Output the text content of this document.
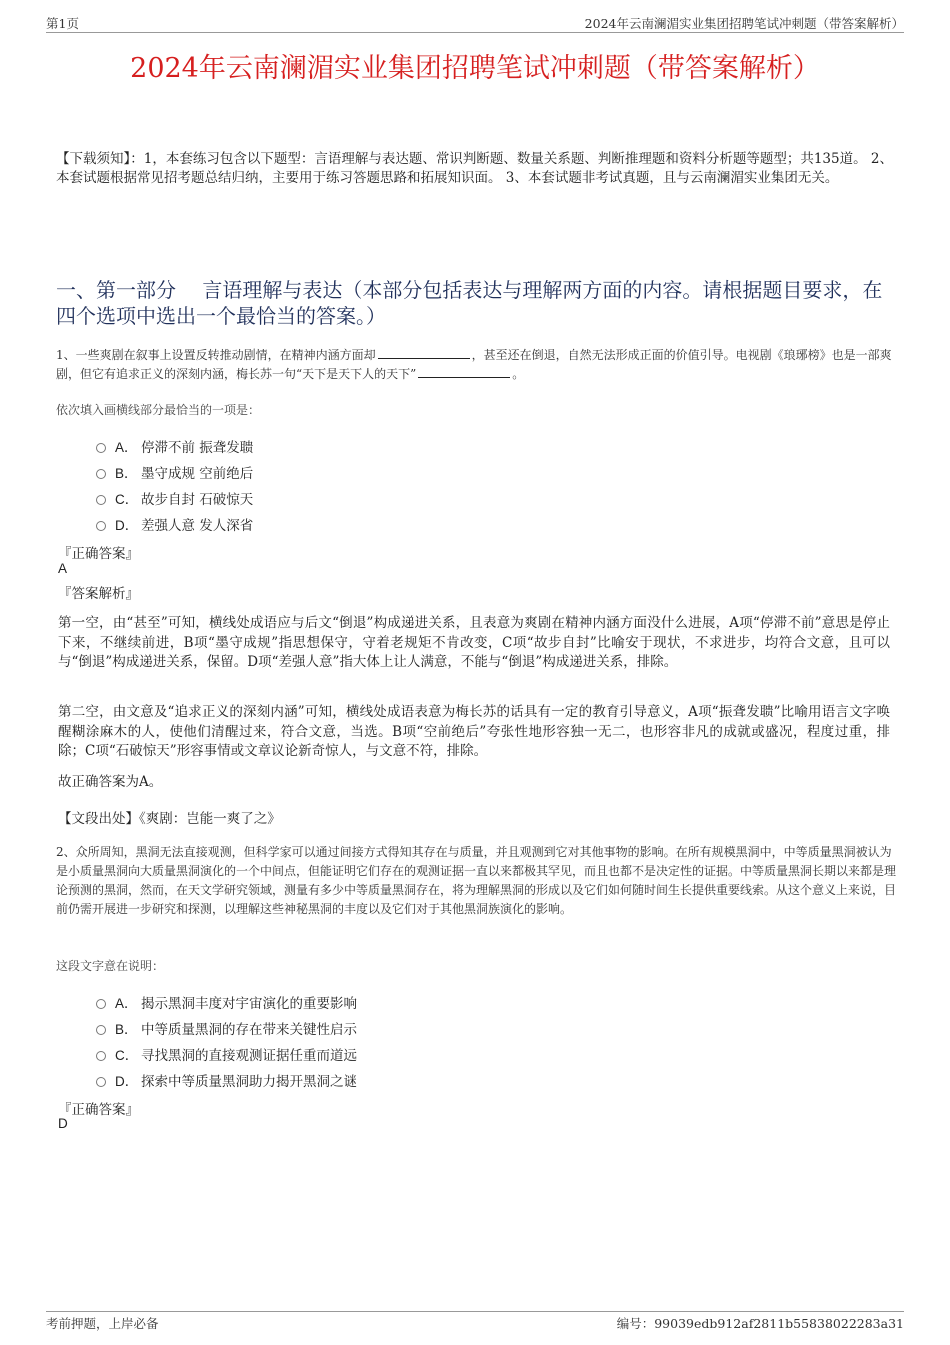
第1页	2024年云南澜湄实业集团招聘笔试冲刺题（带答案解析）
2024年云南澜湄实业集团招聘笔试冲刺题（带答案解析）
【下载须知】：1，本套练习包含以下题型：言语理解与表达题、常识判断题、数量关系题、判断推理题和资料分析题等题型；共135道。 2、本套试题根据常见招考题总结归纳，主要用于练习答题思路和拓展知识面。 3、本套试题非考试真题，且与云南澜湄实业集团无关。
一、第一部分　 言语理解与表达（本部分包括表达与理解两方面的内容。请根据题目要求，在四个选项中选出一个最恰当的答案。）
1、一些爽剧在叙事上设置反转推动剧情，在精神内涵方面却	，甚至还在倒退，自然无法形成正面的价值引导。电视剧《琅琊榜》也是一部爽剧，但它有追求正义的深刻内涵，梅长苏一句“天下是天下人的天下”	。
依次填入画横线部分最恰当的一项是：
A． 停滞不前 振聋发聩
B． 墨守成规 空前绝后
C． 故步自封 石破惊天
D． 差强人意 发人深省
『正确答案』
A
『答案解析』
第一空，由“甚至”可知，横线处成语应与后文“倒退”构成递进关系，且表意为爽剧在精神内涵方面没什么进展，A项“停滞不前”意思是停止下来，不继续前进，B项“墨守成规”指思想保守，守着老规矩不肯改变，C项“故步自封”比喻安于现状，不求进步，均符合文意，且可以与“倒退”构成递进关系，保留。D项“差强人意”指大体上让人满意，不能与“倒退”构成递进关系，排除。
第二空，由文意及“追求正义的深刻内涵”可知，横线处成语表意为梅长苏的话具有一定的教育引导意义，A项“振聋发聩”比喻用语言文字唤醒糊涂麻木的人，使他们清醒过来，符合文意，当选。B项“空前绝后”夸张性地形容独一无二，也形容非凡的成就或盛况，程度过重，排除；C项“石破惊天”形容事情或文章议论新奇惊人，与文意不符，排除。
故正确答案为A。
【文段出处】《爽剧：岂能一爽了之》
2、众所周知，黑洞无法直接观测，但科学家可以通过间接方式得知其存在与质量，并且观测到它对其他事物的影响。在所有规模黑洞中，中等质量黑洞被认为是小质量黑洞向大质量黑洞演化的一个中间点，但能证明它们存在的观测证据一直以来都极其罕见，而且也都不是决定性的证据。中等质量黑洞长期以来都是理论预测的黑洞，然而，在天文学研究领域，测量有多少中等质量黑洞存在，将为理解黑洞的形成以及它们如何随时间生长提供重要线索。从这个意义上来说，目前仍需开展进一步研究和探测，以理解这些神秘黑洞的丰度以及它们对于其他黑洞族演化的影响。
这段文字意在说明：
A． 揭示黑洞丰度对宇宙演化的重要影响
B． 中等质量黑洞的存在带来关键性启示
C． 寻找黑洞的直接观测证据任重而道远
D． 探索中等质量黑洞助力揭开黑洞之谜
『正确答案』
D
考前押题，上岸必备	编号：99039edb912af2811b55838022283a31
